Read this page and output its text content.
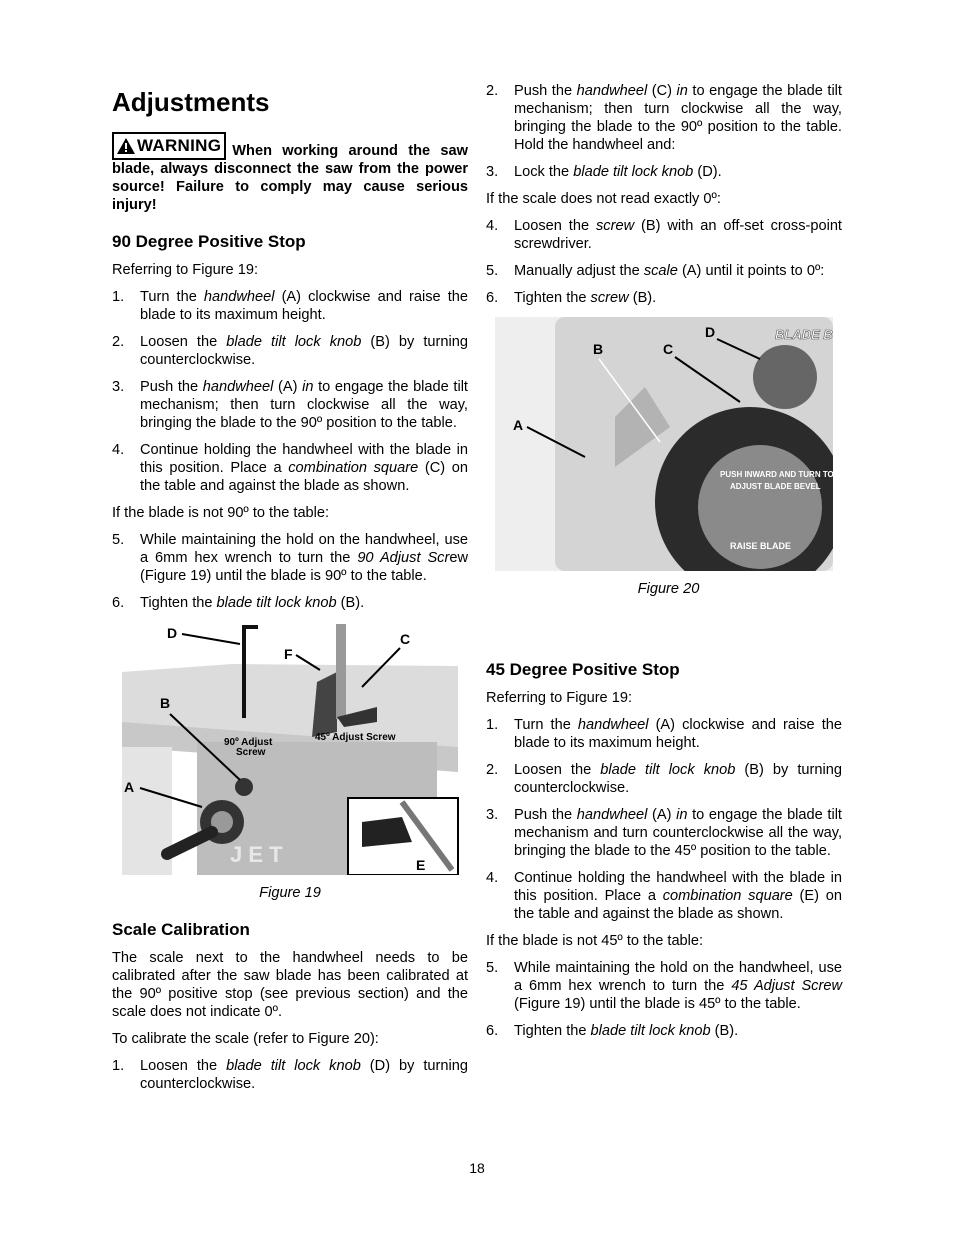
Adjustments

WARNING When working around the saw blade, always disconnect the saw from the power source! Failure to comply may cause serious injury!

90 Degree Positive Stop

Referring to Figure 19:

1.	Turn the handwheel (A) clockwise and raise the blade to its maximum height.
2.	Loosen the blade tilt lock knob (B) by turning counterclockwise.
3.	Push the handwheel (A) in to engage the blade tilt mechanism; then turn clockwise all the way, bringing the blade to the 90º position to the table.
4.	Continue holding the handwheel with the blade in this position. Place a combination square (C) on the table and against the blade as shown.

If the blade is not 90º to the table:

5.	While maintaining the hold on the handwheel, use a 6mm hex wrench to turn the 90 Adjust Screw (Figure 19) until the blade is 90º to the table.
6.	Tighten the blade tilt lock knob (B).
D
F
C
B
A
E
90º Adjust
Screw
45º Adjust Screw
J E T
Figure 19
Scale Calibration

The scale next to the handwheel needs to be calibrated after the saw blade has been calibrated at the 90º positive stop (see previous section) and the scale does not indicate 0º.

To calibrate the scale (refer to Figure 20):

1.	Loosen the blade tilt lock knob (D) by turning counterclockwise.
2.	Push the handwheel (C) in to engage the blade tilt mechanism; then turn clockwise all the way, bringing the blade to the 90º position to the table. Hold the handwheel and:
3.	Lock the blade tilt lock knob (D).

If the scale does not read exactly 0º:

4.	Loosen the screw (B) with an off-set cross-point screwdriver.
5.	Manually adjust the scale (A) until it points to 0º:
6.	Tighten the screw (B).
PUSH INWARD AND TURN TO
ADJUST BLADE BEVEL
RAISE BLADE
BLADE B
D
B	C
A
Figure 20
45 Degree Positive Stop

Referring to Figure 19:

1.	Turn the handwheel (A) clockwise and raise the blade to its maximum height.
2.	Loosen the blade tilt lock knob (B) by turning counterclockwise.
3.	Push the handwheel (A) in to engage the blade tilt mechanism and turn counterclockwise all the way, bringing the blade to the 45º position to the table.
4.	Continue holding the handwheel with the blade in this position. Place a combination square (E) on the table and against the blade as shown.

If the blade is not 45º to the table:

5.	While maintaining the hold on the handwheel, use a 6mm hex wrench to turn the 45 Adjust Screw (Figure 19) until the blade is 45º to the table.
6.	Tighten the blade tilt lock knob (B).
18
